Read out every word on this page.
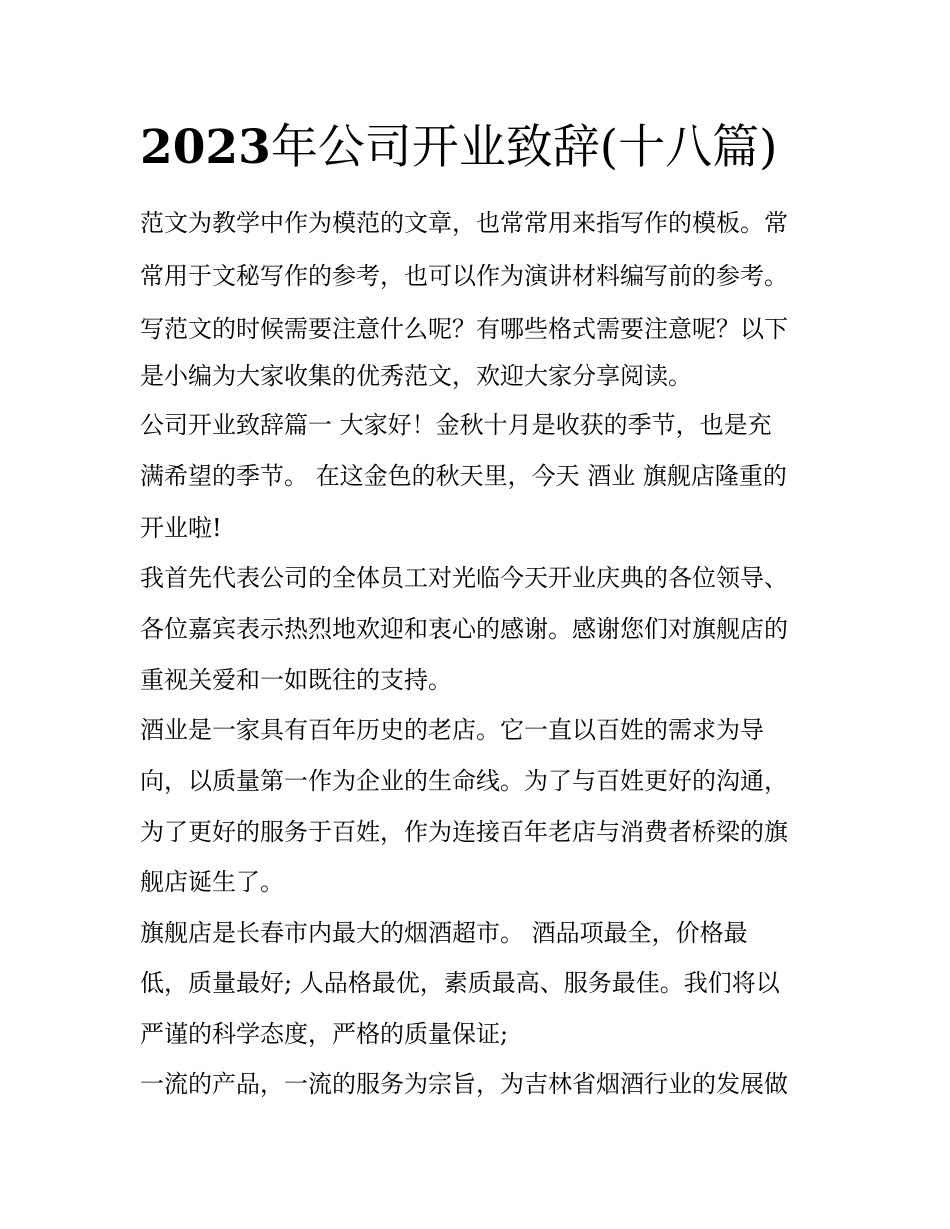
2023年公司开业致辞(十八篇)
范文为教学中作为模范的文章，也常常用来指写作的模板。常
常用于文秘写作的参考，也可以作为演讲材料编写前的参考。
写范文的时候需要注意什么呢？有哪些格式需要注意呢？以下
是小编为大家收集的优秀范文，欢迎大家分享阅读。
公司开业致辞篇一 大家好！金秋十月是收获的季节，也是充
满希望的季节。 在这金色的秋天里，今天 酒业 旗舰店隆重的
开业啦!
我首先代表公司的全体员工对光临今天开业庆典的各位领导、
各位嘉宾表示热烈地欢迎和衷心的感谢。感谢您们对旗舰店的
重视关爱和一如既往的支持。
酒业是一家具有百年历史的老店。它一直以百姓的需求为导
向，以质量第一作为企业的生命线。为了与百姓更好的沟通，
为了更好的服务于百姓，作为连接百年老店与消费者桥梁的旗
舰店诞生了。
旗舰店是长春市内最大的烟酒超市。 酒品项最全，价格最
低，质量最好; 人品格最优，素质最高、服务最佳。我们将以
严谨的科学态度，严格的质量保证;
一流的产品，一流的服务为宗旨，为吉林省烟酒行业的发展做
